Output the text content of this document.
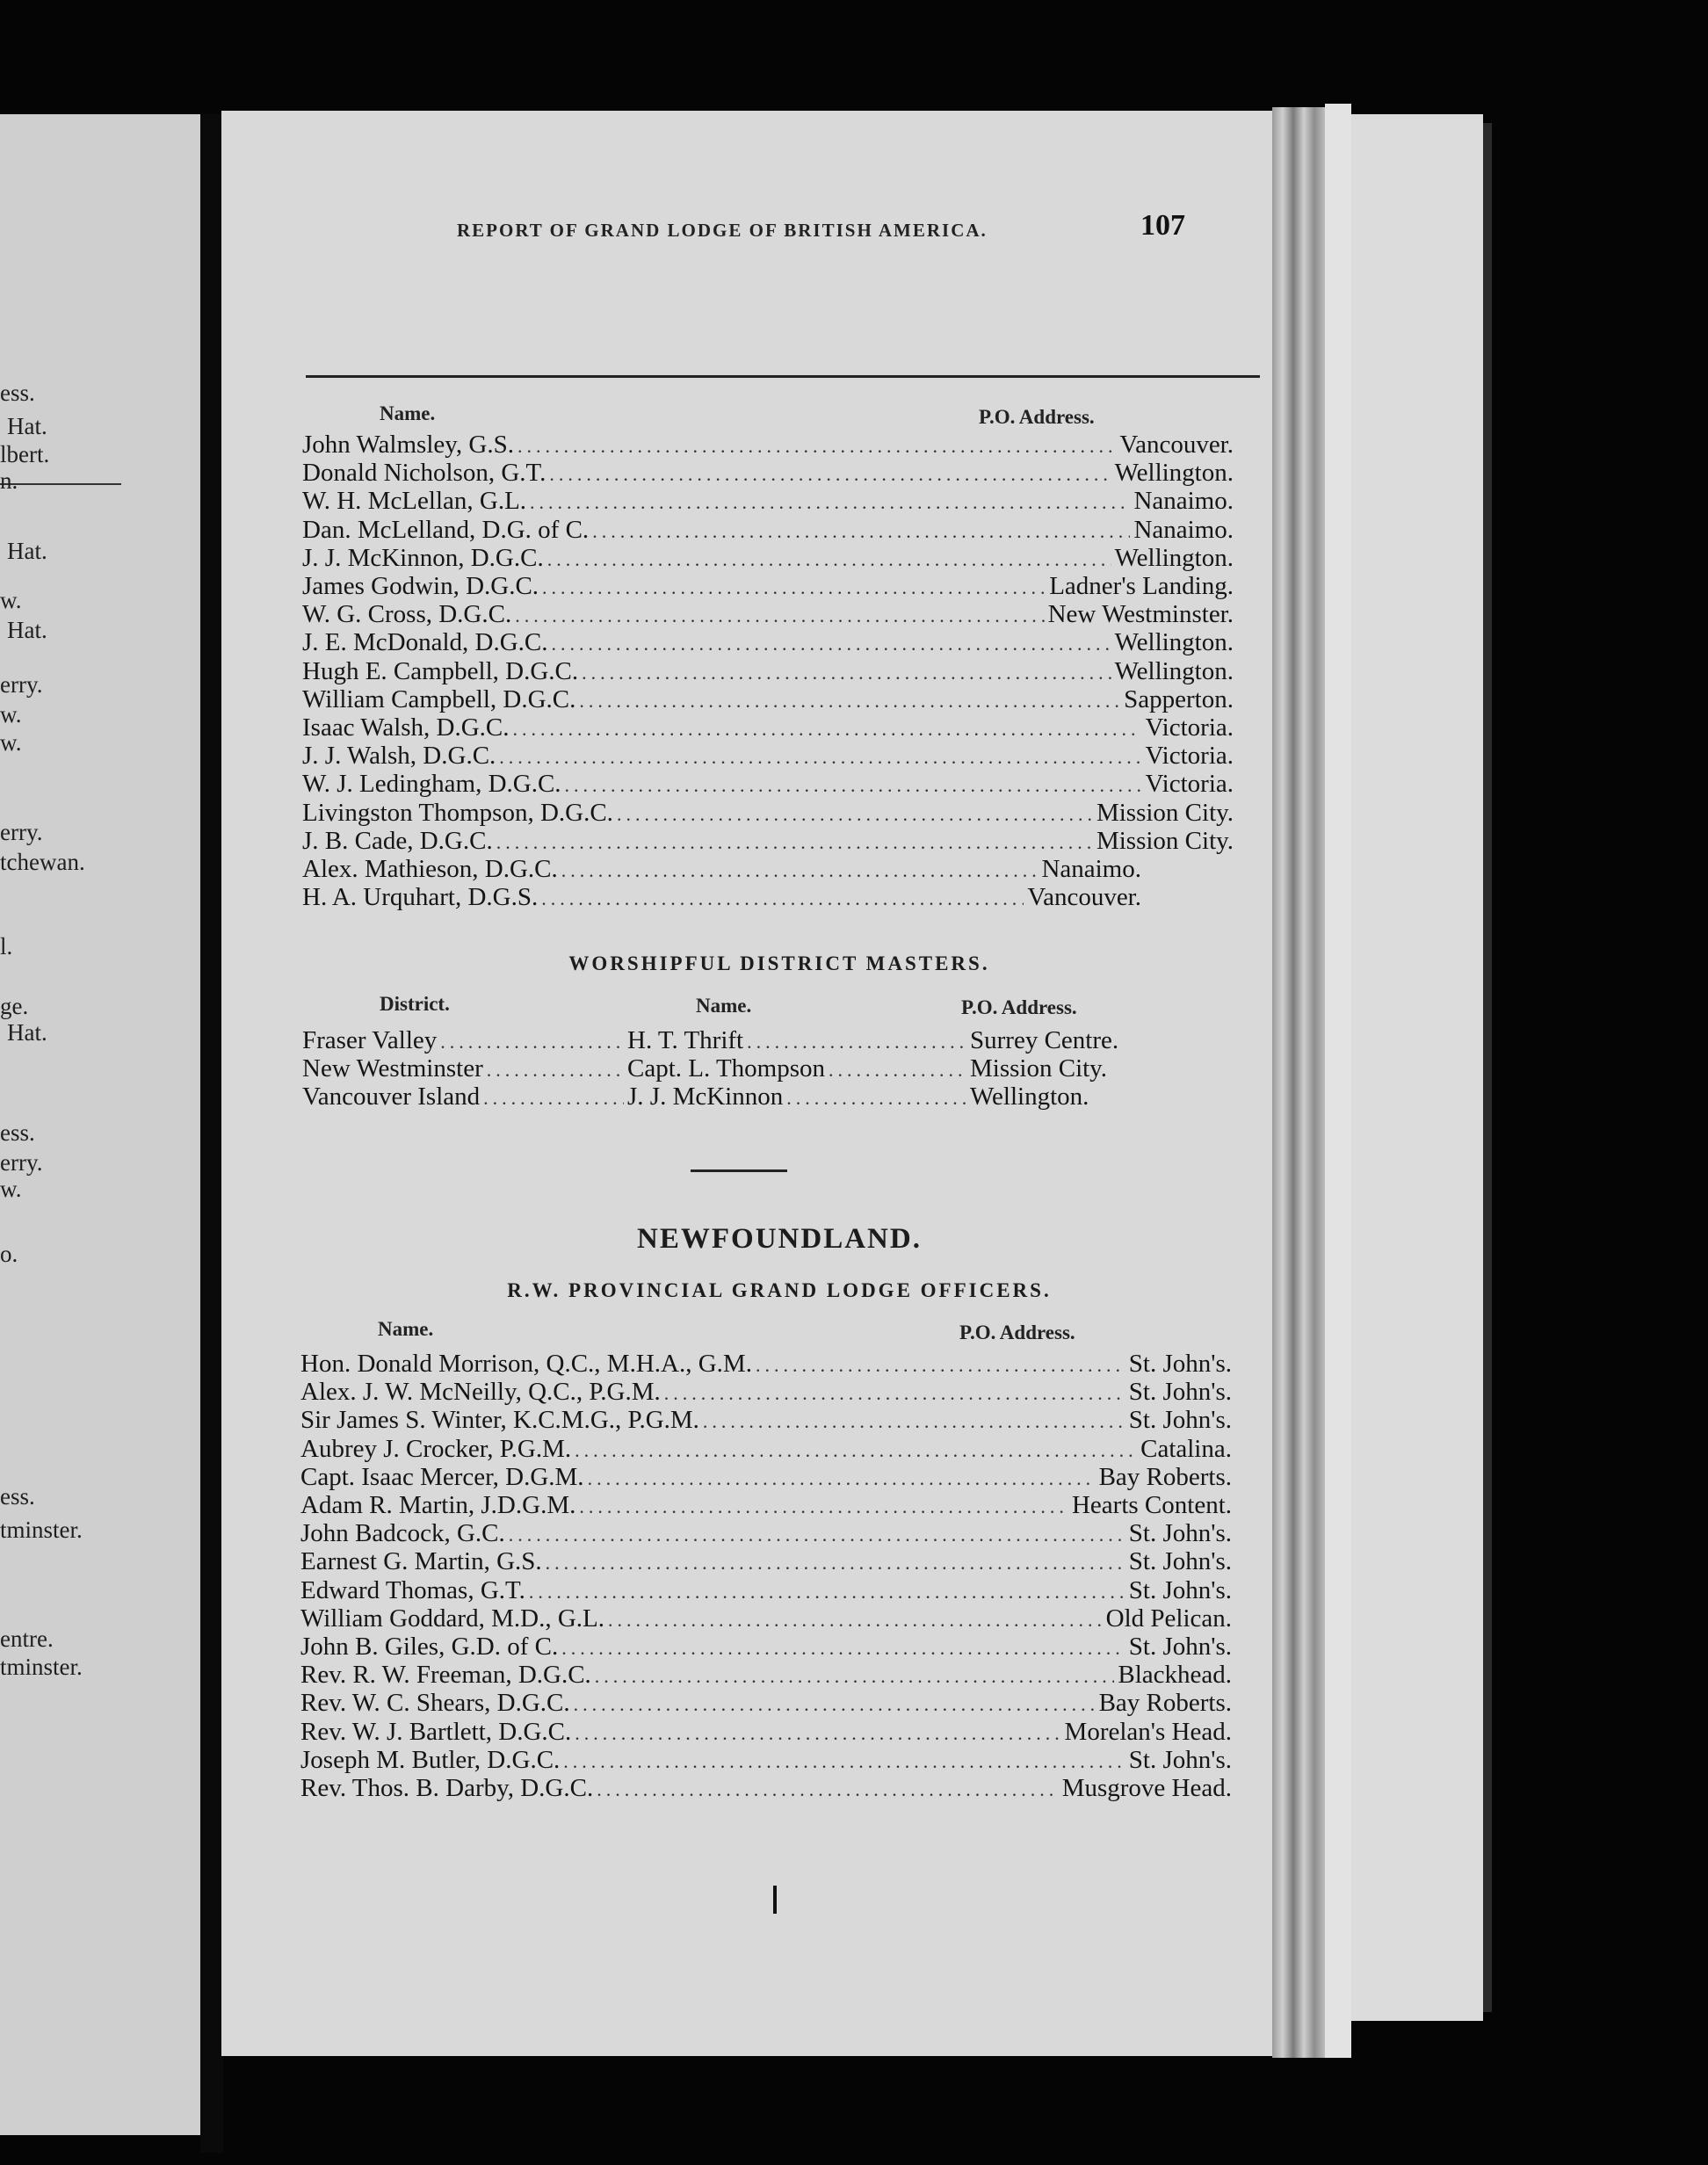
ess.
Hat.
lbert.
n.
Hat.
w.
Hat.
erry.
w.
w.
erry.
tchewan.
l.
ge.
Hat.
ess.
erry.
w.
o.
ess.
tminster.
entre.
tminster.
REPORT OF GRAND LODGE OF BRITISH AMERICA.	107
Name.	P.O. Address.
John Walmsley, G.S. .....	Vancouver.
Donald Nicholson, G.T. .....	Wellington.
W. H. McLellan, G.L. .....	Nanaimo.
Dan. McLelland, D.G. of C. .....	Nanaimo.
J. J. McKinnon, D.G.C. .....	Wellington.
James Godwin, D.G.C. .....	Ladner's Landing.
W. G. Cross, D.G.C. .....	New Westminster.
J. E. McDonald, D.G.C. .....	Wellington.
Hugh E. Campbell, D.G.C. .....	Wellington.
William Campbell, D.G.C. .....	Sapperton.
Isaac Walsh, D.G.C. .....	Victoria.
J. J. Walsh, D.G.C. .....	Victoria.
W. J. Ledingham, D.G.C. .....	Victoria.
Livingston Thompson, D.G.C. .....	Mission City.
J. B. Cade, D.G.C. .....	Mission City.
Alex. Mathieson, D.G.C. .....	Nanaimo.
H. A. Urquhart, D.G.S. .....	Vancouver.
WORSHIPFUL DISTRICT MASTERS.
District.	Name.	P.O. Address.
Fraser Valley .....	H. T. Thrift .....	Surrey Centre.
New Westminster .....	Capt. L. Thompson .....	Mission City.
Vancouver Island .....	J. J. McKinnon .....	Wellington.
NEWFOUNDLAND.
R.W. PROVINCIAL GRAND LODGE OFFICERS.
Name.	P.O. Address.
Hon. Donald Morrison, Q.C., M.H.A., G.M. .....	St. John's.
Alex. J. W. McNeilly, Q.C., P.G.M. .....	St. John's.
Sir James S. Winter, K.C.M.G., P.G.M. .....	St. John's.
Aubrey J. Crocker, P.G.M. .....	Catalina.
Capt. Isaac Mercer, D.G.M. .....	Bay Roberts.
Adam R. Martin, J.D.G.M. .....	Hearts Content.
John Badcock, G.C. .....	St. John's.
Earnest G. Martin, G.S. .....	St. John's.
Edward Thomas, G.T. .....	St. John's.
William Goddard, M.D., G.L. .....	Old Pelican.
John B. Giles, G.D. of C. .....	St. John's.
Rev. R. W. Freeman, D.G.C. .....	Blackhead.
Rev. W. C. Shears, D.G.C. .....	Bay Roberts.
Rev. W. J. Bartlett, D.G.C. .....	Morelan's Head.
Joseph M. Butler, D.G.C. .....	St. John's.
Rev. Thos. B. Darby, D.G.C. .....	Musgrove Head.
